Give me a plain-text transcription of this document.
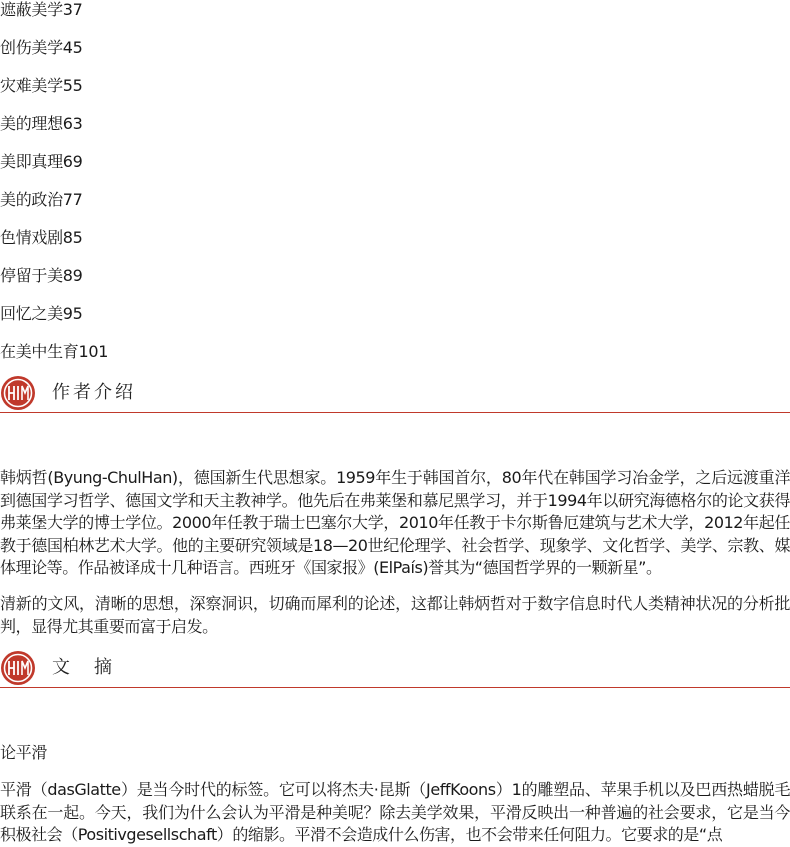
遮蔽美学37
创伤美学45
灾难美学55
美的理想63
美即真理69
美的政治77
色情戏剧85
停留于美89
回忆之美95
在美中生育101
作者介绍

韩炳哲(Byung-ChulHan)，德国新生代思想家。1959年生于韩国首尔，80年代在韩国学习冶金学，之后远渡重洋到德国学习哲学、德国文学和天主教神学。他先后在弗莱堡和慕尼黑学习，并于1994年以研究海德格尔的论文获得弗莱堡大学的博士学位。2000年任教于瑞士巴塞尔大学，2010年任教于卡尔斯鲁厄建筑与艺术大学，2012年起任教于德国柏林艺术大学。他的主要研究领域是18—20世纪伦理学、社会哲学、现象学、文化哲学、美学、宗教、媒体理论等。作品被译成十几种语言。西班牙《国家报》(ElPaís)誉其为“德国哲学界的一颗新星”。

清新的文风，清晰的思想，深察洞识，切确而犀利的论述，这都让韩炳哲对于数字信息时代人类精神状况的分析批判，显得尤其重要而富于启发。

文　摘
论平滑

平滑（dasGlatte）是当今时代的标签。它可以将杰夫·昆斯（JeffKoons）1的雕塑品、苹果手机以及巴西热蜡脱毛联系在一起。今天，我们为什么会认为平滑是种美呢？除去美学效果，平滑反映出一种普遍的社会要求，它是当今积极社会（Positivgesellschaft）的缩影。平滑不会造成什么伤害，也不会带来任何阻力。它要求的是“点
